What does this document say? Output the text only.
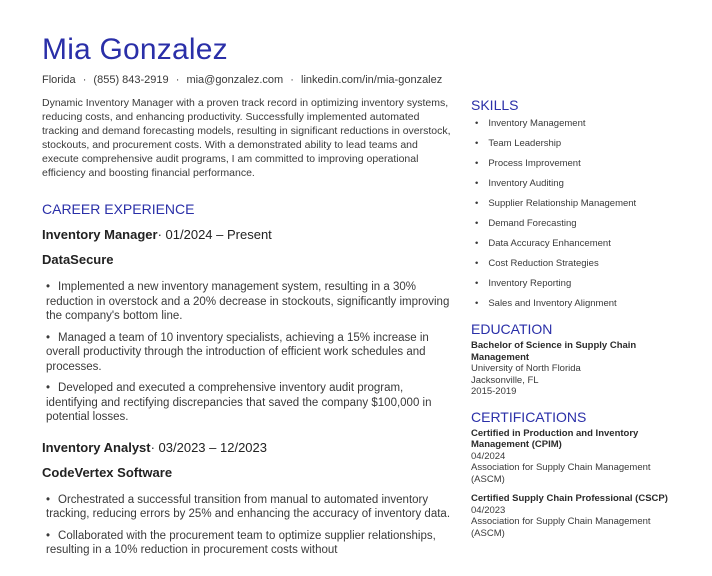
Mia Gonzalez
Florida · (855) 843-2919 · mia@gonzalez.com · linkedin.com/in/mia-gonzalez

Dynamic Inventory Manager with a proven track record in optimizing inventory systems, reducing costs, and enhancing productivity. Successfully implemented automated tracking and demand forecasting models, resulting in significant reductions in overstock, stockouts, and procurement costs. With a demonstrated ability to lead teams and execute comprehensive audit programs, I am committed to improving operational efficiency and boosting financial performance.

CAREER EXPERIENCE
Inventory Manager· 01/2024 – Present
DataSecure
• Implemented a new inventory management system, resulting in a 30% reduction in overstock and a 20% decrease in stockouts, significantly improving the company's bottom line.
• Managed a team of 10 inventory specialists, achieving a 15% increase in overall productivity through the introduction of efficient work schedules and processes.
• Developed and executed a comprehensive inventory audit program, identifying and rectifying discrepancies that saved the company $100,000 in potential losses.
Inventory Analyst· 03/2023 – 12/2023
CodeVertex Software
• Orchestrated a successful transition from manual to automated inventory tracking, reducing errors by 25% and enhancing the accuracy of inventory data.
• Collaborated with the procurement team to optimize supplier relationships, resulting in a 10% reduction in procurement costs without
SKILLS
• Inventory Management
• Team Leadership
• Process Improvement
• Inventory Auditing
• Supplier Relationship Management
• Demand Forecasting
• Data Accuracy Enhancement
• Cost Reduction Strategies
• Inventory Reporting
• Sales and Inventory Alignment
EDUCATION
Bachelor of Science in Supply Chain Management
University of North Florida
Jacksonville, FL
2015-2019
CERTIFICATIONS
Certified in Production and Inventory Management (CPIM)
04/2024
Association for Supply Chain Management (ASCM)
Certified Supply Chain Professional (CSCP)
04/2023
Association for Supply Chain Management (ASCM)
